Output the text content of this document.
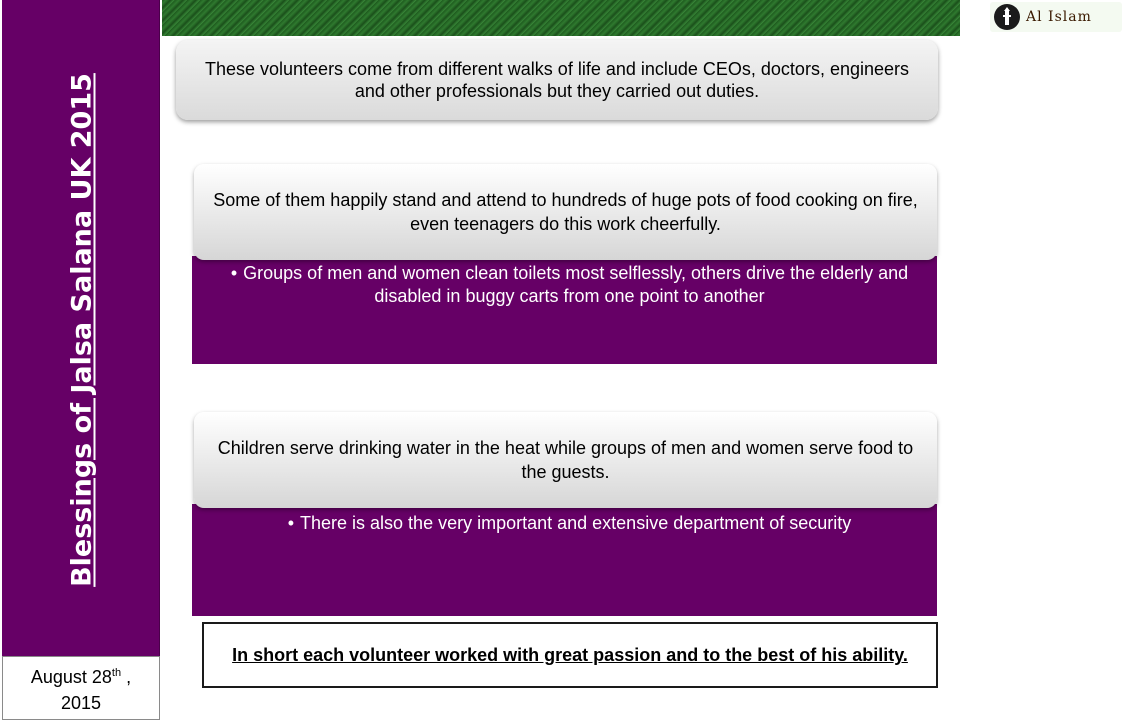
Al Islam
Blessings of Jalsa Salana UK 2015
August 28th ,
2015
These volunteers come from different walks of life and include CEOs, doctors, engineers and other professionals but they carried out duties.
Some of them happily stand and attend to hundreds of huge pots of food cooking on fire, even teenagers do this work cheerfully.
• Groups of men and women clean toilets most selflessly, others drive the elderly and disabled in buggy carts from one point to another
Children serve drinking water in the heat while groups of men and women serve food to the guests.
• There is also the very important and extensive department of security
In short each volunteer worked with great passion and to the best of his ability.
